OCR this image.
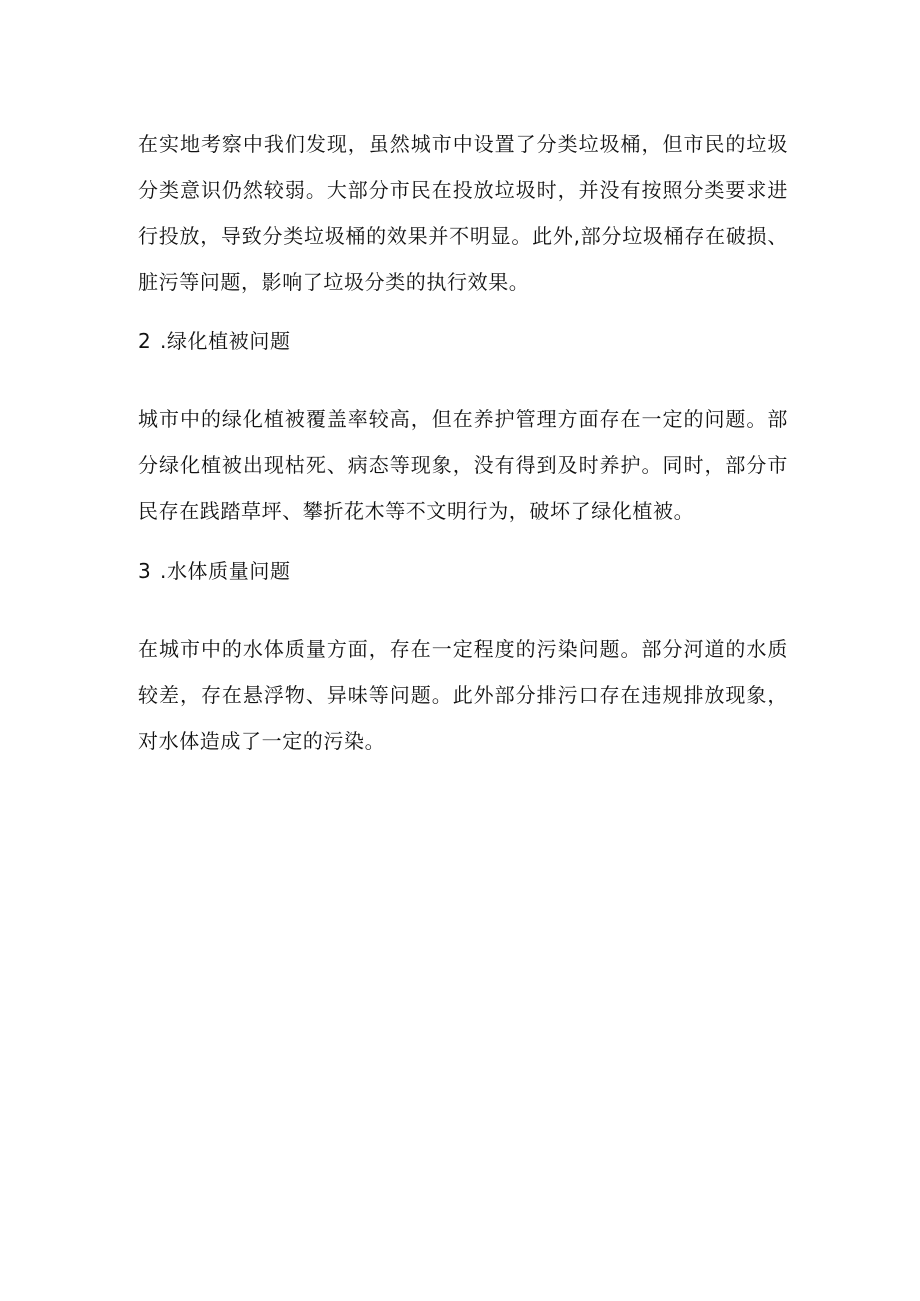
在实地考察中我们发现，虽然城市中设置了分类垃圾桶，但市民的垃圾分类意识仍然较弱。大部分市民在投放垃圾时，并没有按照分类要求进行投放，导致分类垃圾桶的效果并不明显。此外,部分垃圾桶存在破损、脏污等问题，影响了垃圾分类的执行效果。

2 .绿化植被问题

城市中的绿化植被覆盖率较高，但在养护管理方面存在一定的问题。部分绿化植被出现枯死、病态等现象，没有得到及时养护。同时，部分市民存在践踏草坪、攀折花木等不文明行为，破坏了绿化植被。

3 .水体质量问题

在城市中的水体质量方面，存在一定程度的污染问题。部分河道的水质较差，存在悬浮物、异味等问题。此外部分排污口存在违规排放现象，对水体造成了一定的污染。
